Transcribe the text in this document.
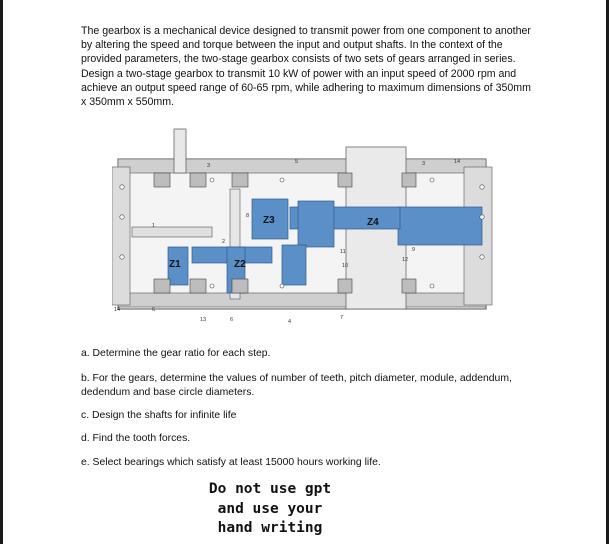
The gearbox is a mechanical device designed to transmit power from one component to another by altering the speed and torque between the input and output shafts. In the context of the provided parameters, the two-stage gearbox consists of two sets of gears arranged in series. Design a two-stage gearbox to transmit 10 kW of power with an input speed of 2000 rpm and achieve an output speed range of 60-65 rpm, while adhering to maximum dimensions of 350mm x 350mm x 550mm.

Z1	Z2
Z3	Z4
1
2
3	3
4
5
6
6	7
8
9
10
11
12
13
14
14

a. Determine the gear ratio for each step.

b. For the gears, determine the values of number of teeth, pitch diameter, module, addendum, dedendum and base circle diameters.

c. Design the shafts for infinite life

d. Find the tooth forces.

e. Select bearings which satisfy at least 15000 hours working life.

Do not use gpt
and use your
hand writing
